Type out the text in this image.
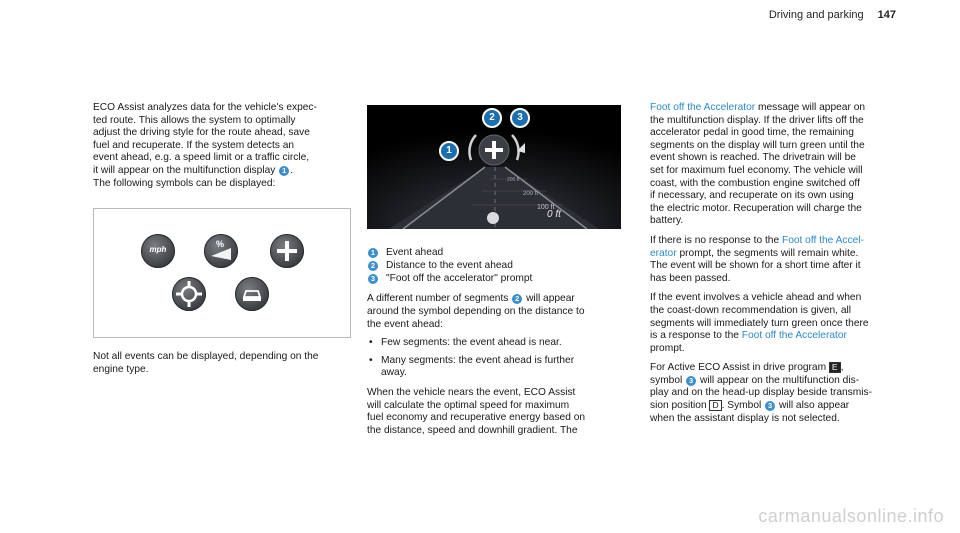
Driving and parking 147

ECO Assist analyzes data for the vehicle's expec-
ted route. This allows the system to optimally
adjust the driving style for the route ahead, save
fuel and recuperate. If the system detects an
event ahead, e.g. a speed limit or a traffic circle,
it will appear on the multifunction display 1 .
The following symbols can be displayed:

mph
%

Not all events can be displayed, depending on the
engine type.

200 ft
200 ft
100 ft
0 ft
1
2	3
1 Event ahead
2 Distance to the event ahead
3 "Foot off the accelerator" prompt

A different number of segments 2 will appear
around the symbol depending on the distance to
the event ahead:

• Few segments: the event ahead is near.
• Many segments: the event ahead is further
away.

When the vehicle nears the event, ECO Assist
will calculate the optimal speed for maximum
fuel economy and recuperative energy based on
the distance, speed and downhill gradient. The

Foot off the Accelerator message will appear on
the multifunction display. If the driver lifts off the
accelerator pedal in good time, the remaining
segments on the display will turn green until the
event shown is reached. The drivetrain will be
set for maximum fuel economy. The vehicle will
coast, with the combustion engine switched off
if necessary, and recuperate on its own using
the electric motor. Recuperation will charge the
battery.

If there is no response to the Foot off the Accel-
erator prompt, the segments will remain white.
The event will be shown for a short time after it
has been passed.

If the event involves a vehicle ahead and when
the coast-down recommendation is given, all
segments will immediately turn green once there
is a response to the Foot off the Accelerator
prompt.

For Active ECO Assist in drive program E ,
symbol 3 will appear on the multifunction dis-
play and on the head-up display beside transmis-
sion position D . Symbol 3 will also appear
when the assistant display is not selected.

carmanualsonline.info
